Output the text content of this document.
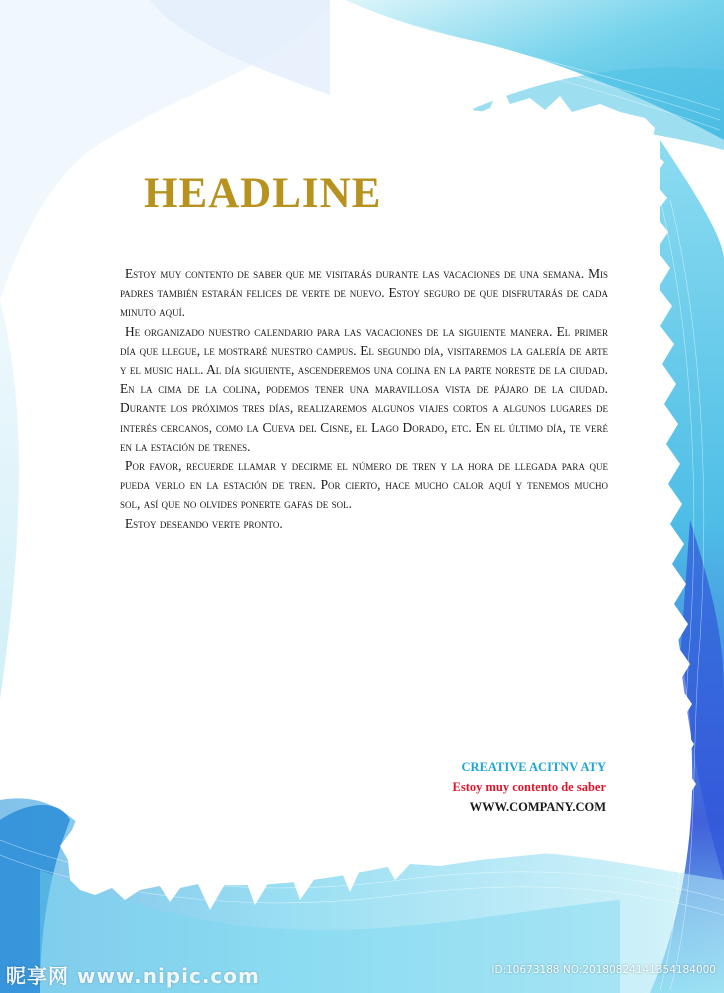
HEADLINE

Estoy muy contento de saber que me visitarás durante las vacaciones de una semana. Mis padres también estarán felices de verte de nuevo. Estoy seguro de que disfrutarás de cada minuto aquí.

He organizado nuestro calendario para las vacaciones de la siguiente manera. El primer día que llegue, le mostraré nuestro campus. El segundo día, visitaremos la galería de arte y el music hall. Al día siguiente, ascenderemos una colina en la parte noreste de la ciudad. En la cima de la colina, podemos tener una maravillosa vista de pájaro de la ciudad. Durante los próximos tres días, realizaremos algunos viajes cortos a algunos lugares de interés cercanos, como la Cueva del Cisne, el Lago Dorado, etc. En el último día, te veré en la estación de trenes.

Por favor, recuerde llamar y decirme el número de tren y la hora de llegada para que pueda verlo en la estación de tren. Por cierto, hace mucho calor aquí y tenemos mucho sol, así que no olvides ponerte gafas de sol.

Estoy deseando verte pronto.

CREATIVE ACITNV ATY
Estoy muy contento de saber
WWW.COMPANY.COM
昵享网 www.nipic.com	ID:10673188 NO:20180824141354184000
